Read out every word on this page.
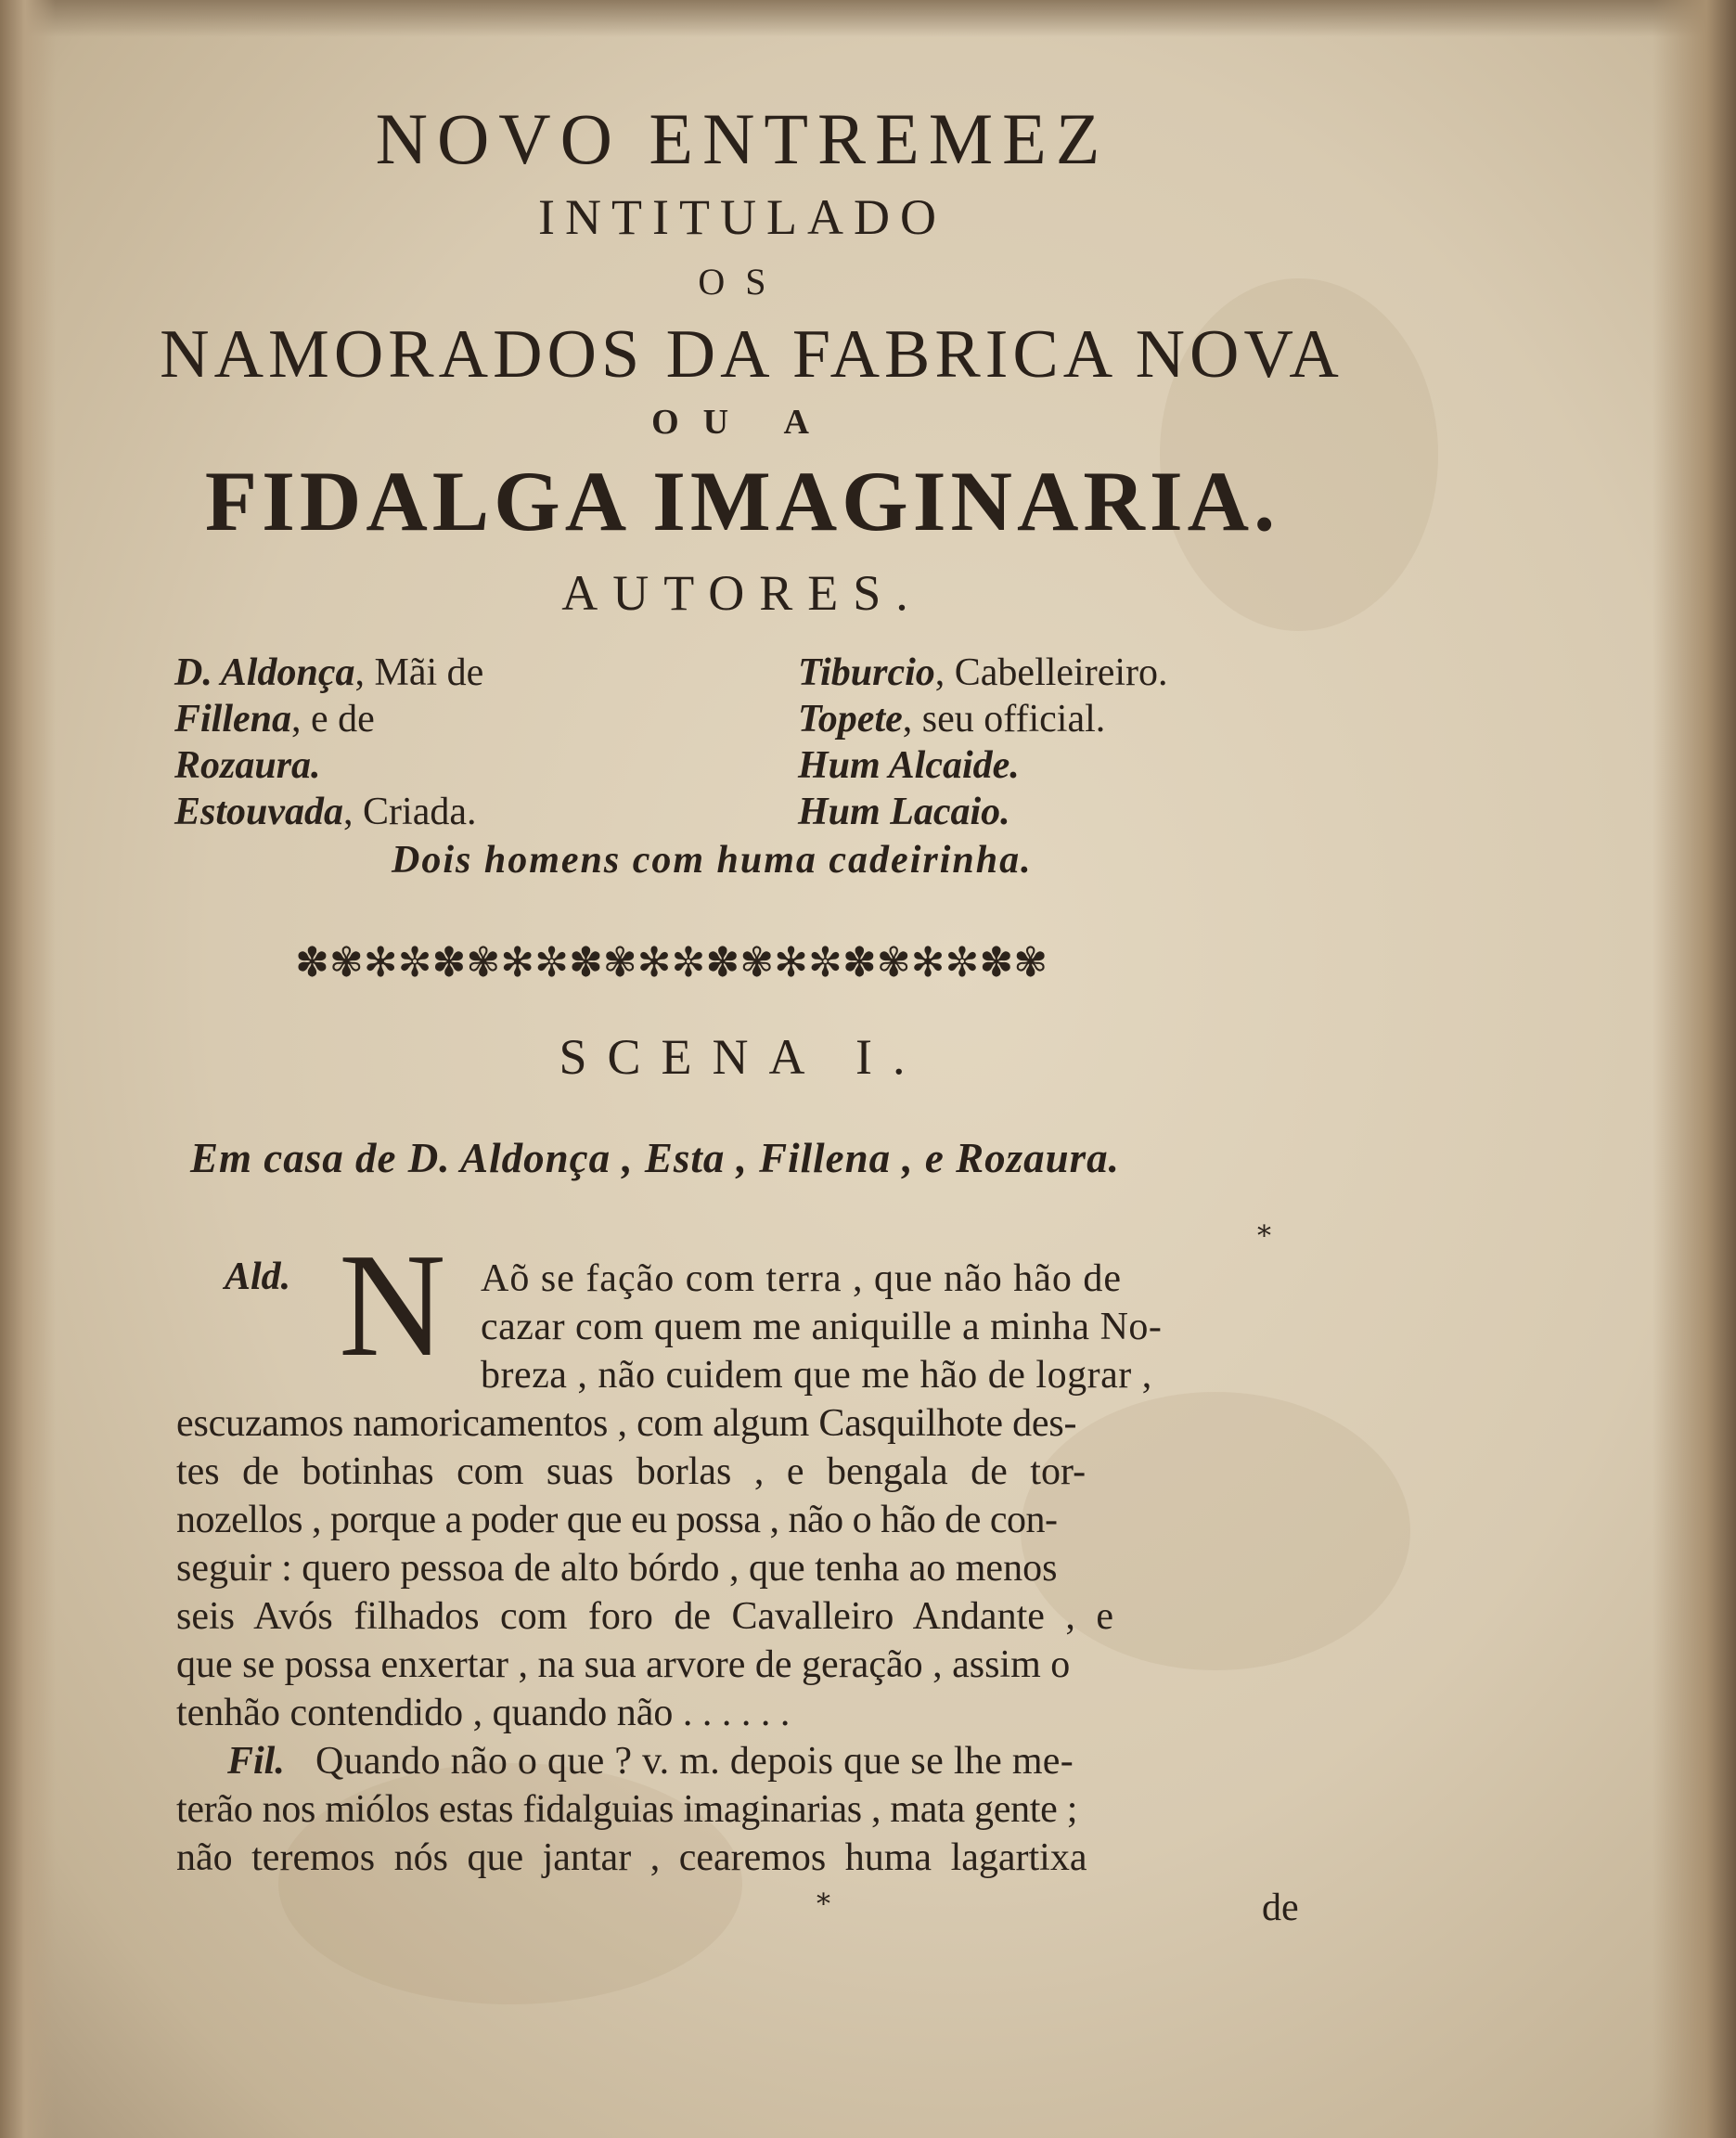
NOVO ENTREMEZ
INTITULADO
OS
NAMORADOS DA FABRICA NOVA
OU A
FIDALGA IMAGINARIA.
AUTORES.
D. Aldonça, Mãi de
Fillena, e de
Rozaura.
Estouvada, Criada.
Tiburcio, Cabelleireiro.
Topete, seu official.
Hum Alcaide.
Hum Lacaio.
Dois homens com huma cadeirinha.
✽✾✻✼✽✾✻✼✽✾✻✼✽✾✻✼✽✾✻✼✽✾
SCENA I.
Em casa de D. Aldonça , Esta , Fillena , e Rozaura.
⁎
Ald. N Aõ se fação com terra , que não hão de
cazar com quem me aniquille a minha No-
breza , não cuidem que me hão de lograr ,
escuzamos namoricamentos , com algum Casquilhote des-
tes de botinhas com suas borlas , e bengala de tor-
nozellos , porque a poder que eu possa , não o hão de con-
seguir : quero pessoa de alto bórdo , que tenha ao menos
seis Avós filhados com foro de Cavalleiro Andante , e
que se possa enxertar , na sua arvore de geração , assim o
tenhão contendido , quando não . . . . . .
Fil. Quando não o que ? v. m. depois que se lhe me-
terão nos miólos estas fidalguias imaginarias , mata gente ;
não teremos nós que jantar , cearemos huma lagartixa
de
⁎
